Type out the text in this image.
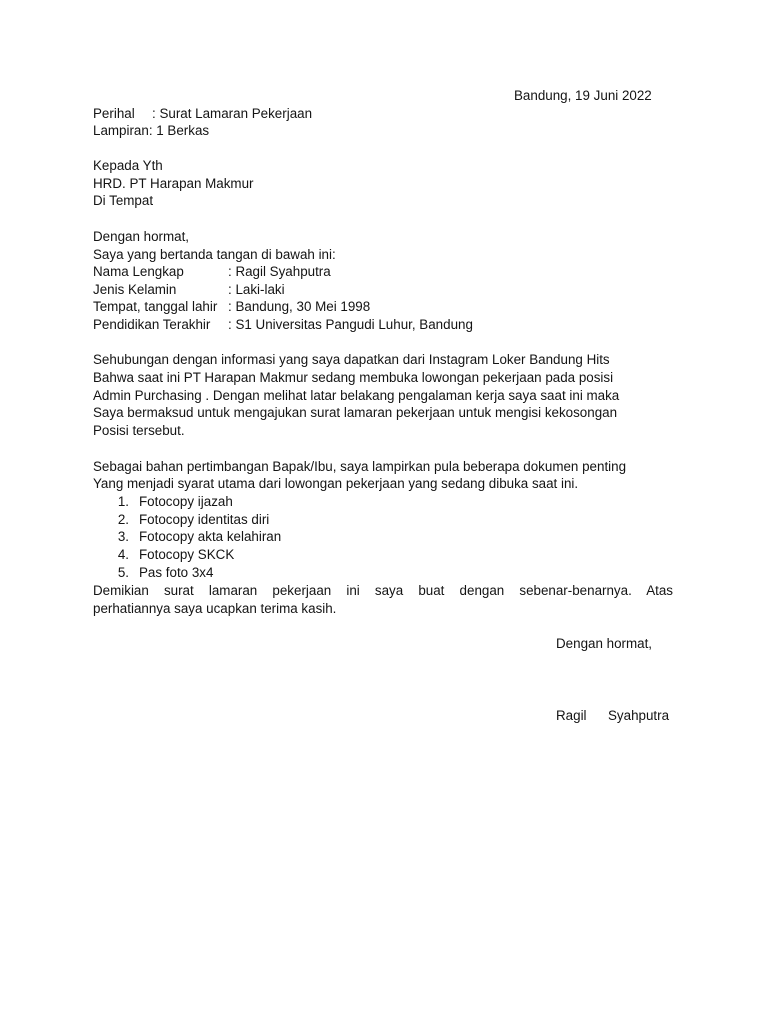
Bandung, 19 Juni 2022
Perihal : Surat Lamaran Pekerjaan
Lampiran: 1 Berkas
Kepada Yth
HRD. PT Harapan Makmur
Di Tempat
Dengan hormat,
Saya yang bertanda tangan di bawah ini:
Nama Lengkap	: Ragil Syahputra
Jenis Kelamin	: Laki-laki
Tempat, tanggal lahir : Bandung, 30 Mei 1998
Pendidikan Terakhir : S1 Universitas Pangudi Luhur, Bandung
Sehubungan dengan informasi yang saya dapatkan dari Instagram Loker Bandung Hits
Bahwa saat ini PT Harapan Makmur sedang membuka lowongan pekerjaan pada posisi
Admin Purchasing . Dengan melihat latar belakang pengalaman kerja saya saat ini maka
Saya bermaksud untuk mengajukan surat lamaran pekerjaan untuk mengisi kekosongan
Posisi tersebut.
Sebagai bahan pertimbangan Bapak/Ibu, saya lampirkan pula beberapa dokumen penting
Yang menjadi syarat utama dari lowongan pekerjaan yang sedang dibuka saat ini.
1. Fotocopy ijazah
2. Fotocopy identitas diri
3. Fotocopy akta kelahiran
4. Fotocopy SKCK
5. Pas foto 3x4
Demikian surat lamaran pekerjaan ini saya buat dengan sebenar-benarnya. Atas
perhatiannya saya ucapkan terima kasih.
Dengan hormat,
Ragil Syahputra
